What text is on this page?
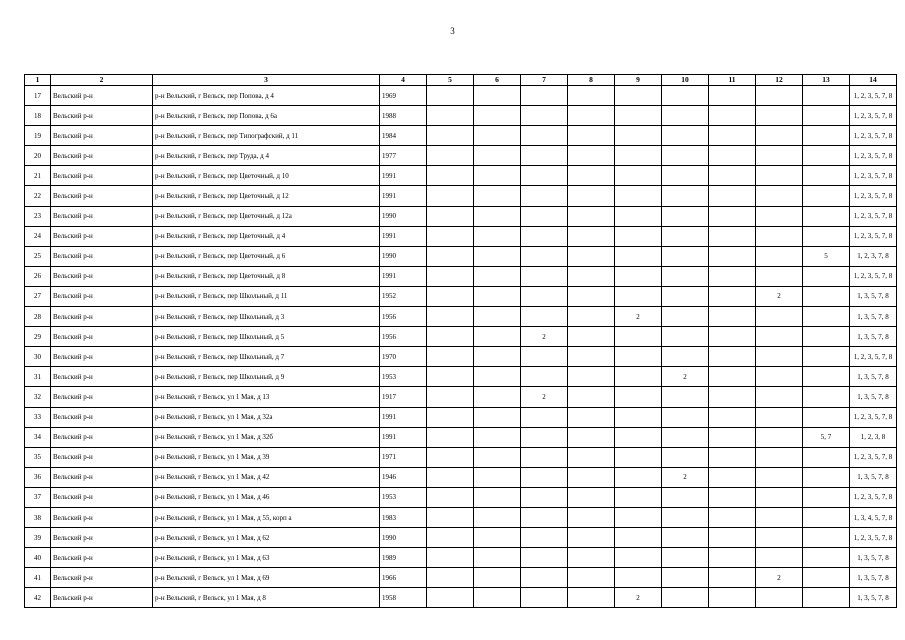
3
1	2	3	4	5	6	7	8	9	10	11	12	13	14
17	Вельский р-н	р-н Вельский, г Вельск, пер Попова, д 4	1969										1, 2, 3, 5, 7, 8
18	Вельский р-н	р-н Вельский, г Вельск, пер Попова, д 6а	1988										1, 2, 3, 5, 7, 8
19	Вельский р-н	р-н Вельский, г Вельск, пер Типографский, д 11	1984										1, 2, 3, 5, 7, 8
20	Вельский р-н	р-н Вельский, г Вельск, пер Труда, д 4	1977										1, 2, 3, 5, 7, 8
21	Вельский р-н	р-н Вельский, г Вельск, пер Цветочный, д 10	1991										1, 2, 3, 5, 7, 8
22	Вельский р-н	р-н Вельский, г Вельск, пер Цветочный, д 12	1991										1, 2, 3, 5, 7, 8
23	Вельский р-н	р-н Вельский, г Вельск, пер Цветочный, д 12а	1990										1, 2, 3, 5, 7, 8
24	Вельский р-н	р-н Вельский, г Вельск, пер Цветочный, д 4	1991										1, 2, 3, 5, 7, 8
25	Вельский р-н	р-н Вельский, г Вельск, пер Цветочный, д 6	1990									5	1, 2, 3, 7, 8
26	Вельский р-н	р-н Вельский, г Вельск, пер Цветочный, д 8	1991										1, 2, 3, 5, 7, 8
27	Вельский р-н	р-н Вельский, г Вельск, пер Школьный, д 11	1952								2		1, 3, 5, 7, 8
28	Вельский р-н	р-н Вельский, г Вельск, пер Школьный, д 3	1956					2					1, 3, 5, 7, 8
29	Вельский р-н	р-н Вельский, г Вельск, пер Школьный, д 5	1956			2							1, 3, 5, 7, 8
30	Вельский р-н	р-н Вельский, г Вельск, пер Школьный, д 7	1970										1, 2, 3, 5, 7, 8
31	Вельский р-н	р-н Вельский, г Вельск, пер Школьный, д 9	1953						2				1, 3, 5, 7, 8
32	Вельский р-н	р-н Вельский, г Вельск, ул 1 Мая, д 13	1917			2							1, 3, 5, 7, 8
33	Вельский р-н	р-н Вельский, г Вельск, ул 1 Мая, д 32а	1991										1, 2, 3, 5, 7, 8
34	Вельский р-н	р-н Вельский, г Вельск, ул 1 Мая, д 32б	1991									5, 7	1, 2, 3, 8
35	Вельский р-н	р-н Вельский, г Вельск, ул 1 Мая, д 39	1971										1, 2, 3, 5, 7, 8
36	Вельский р-н	р-н Вельский, г Вельск, ул 1 Мая, д 42	1946						2				1, 3, 5, 7, 8
37	Вельский р-н	р-н Вельский, г Вельск, ул 1 Мая, д 46	1953										1, 2, 3, 5, 7, 8
38	Вельский р-н	р-н Вельский, г Вельск, ул 1 Мая, д 55, корп а	1983										1, 3, 4, 5, 7, 8
39	Вельский р-н	р-н Вельский, г Вельск, ул 1 Мая, д 62	1990										1, 2, 3, 5, 7, 8
40	Вельский р-н	р-н Вельский, г Вельск, ул 1 Мая, д 63	1989										1, 3, 5, 7, 8
41	Вельский р-н	р-н Вельский, г Вельск, ул 1 Мая, д 69	1966								2		1, 3, 5, 7, 8
42	Вельский р-н	р-н Вельский, г Вельск, ул 1 Мая, д 8	1958					2					1, 3, 5, 7, 8
